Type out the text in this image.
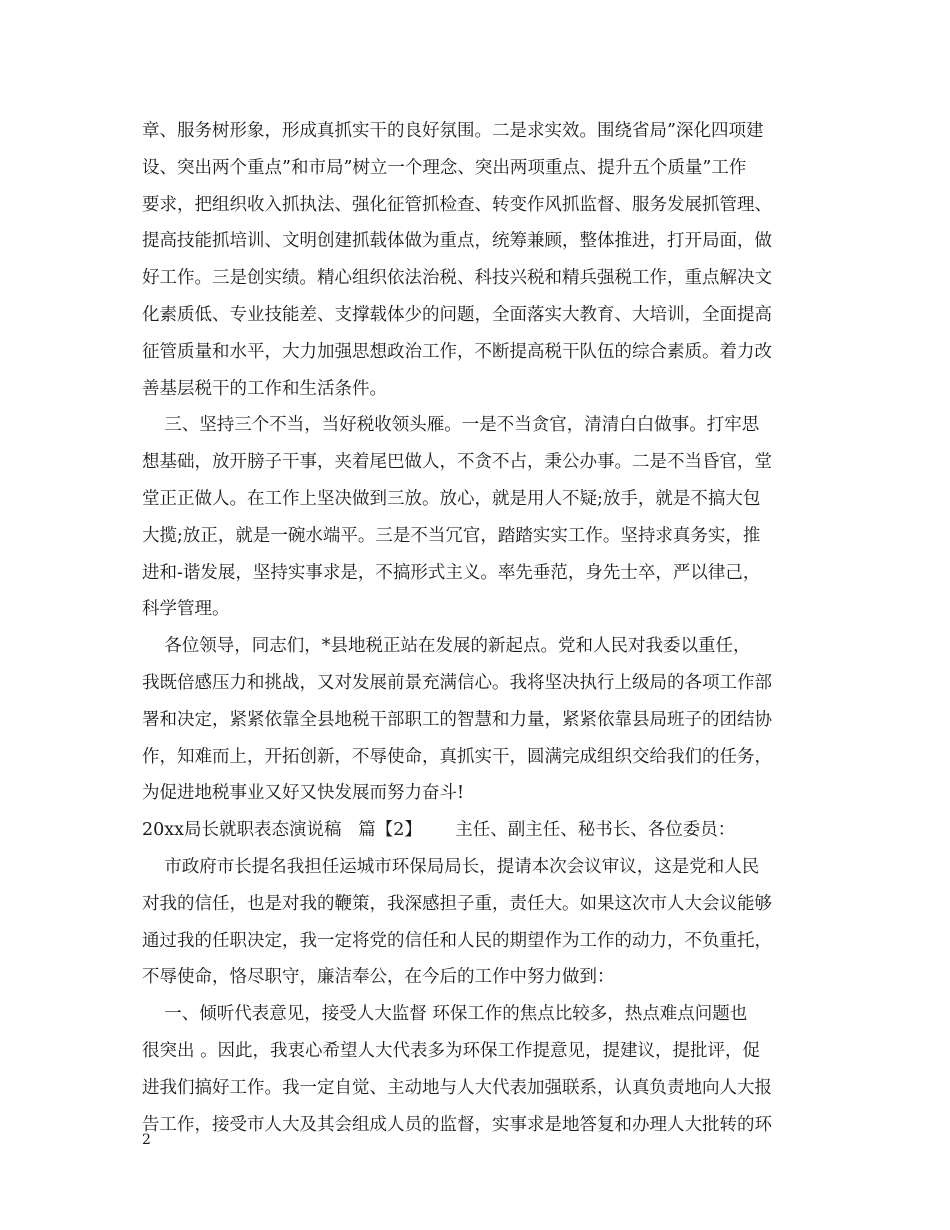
章、服务树形象，形成真抓实干的良好氛围。二是求实效。围绕省局”深化四项建
设、突出两个重点”和市局”树立一个理念、突出两项重点、提升五个质量”工作
要求，把组织收入抓执法、强化征管抓检查、转变作风抓监督、服务发展抓管理、
提高技能抓培训、文明创建抓载体做为重点，统筹兼顾，整体推进，打开局面，做
好工作。三是创实绩。精心组织依法治税、科技兴税和精兵强税工作，重点解决文
化素质低、专业技能差、支撑载体少的问题，全面落实大教育、大培训，全面提高
征管质量和水平，大力加强思想政治工作，不断提高税干队伍的综合素质。着力改
善基层税干的工作和生活条件。
三、坚持三个不当，当好税收领头雁。一是不当贪官，清清白白做事。打牢思
想基础，放开膀子干事，夹着尾巴做人，不贪不占，秉公办事。二是不当昏官，堂
堂正正做人。在工作上坚决做到三放。放心，就是用人不疑;放手，就是不搞大包
大揽;放正，就是一碗水端平。三是不当冗官，踏踏实实工作。坚持求真务实，推
进和-谐发展，坚持实事求是，不搞形式主义。率先垂范，身先士卒，严以律己，
科学管理。
各位领导，同志们，*县地税正站在发展的新起点。党和人民对我委以重任，
我既倍感压力和挑战，又对发展前景充满信心。我将坚决执行上级局的各项工作部
署和决定，紧紧依靠全县地税干部职工的智慧和力量，紧紧依靠县局班子的团结协
作，知难而上，开拓创新，不辱使命，真抓实干，圆满完成组织交给我们的任务，
为促进地税事业又好又快发展而努力奋斗!
20xx局长就职表态演说稿   篇【2】      主任、副主任、秘书长、各位委员：
市政府市长提名我担任运城市环保局局长，提请本次会议审议，这是党和人民
对我的信任，也是对我的鞭策，我深感担子重，责任大。如果这次市人大会议能够
通过我的任职决定，我一定将党的信任和人民的期望作为工作的动力，不负重托，
不辱使命，恪尽职守，廉洁奉公，在今后的工作中努力做到：
一、倾听代表意见，接受人大监督 环保工作的焦点比较多，热点难点问题也
很突出 。因此，我衷心希望人大代表多为环保工作提意见，提建议，提批评，促
进我们搞好工作。我一定自觉、主动地与人大代表加强联系，认真负责地向人大报
告工作，接受市人大及其会组成人员的监督，实事求是地答复和办理人大批转的环
2
